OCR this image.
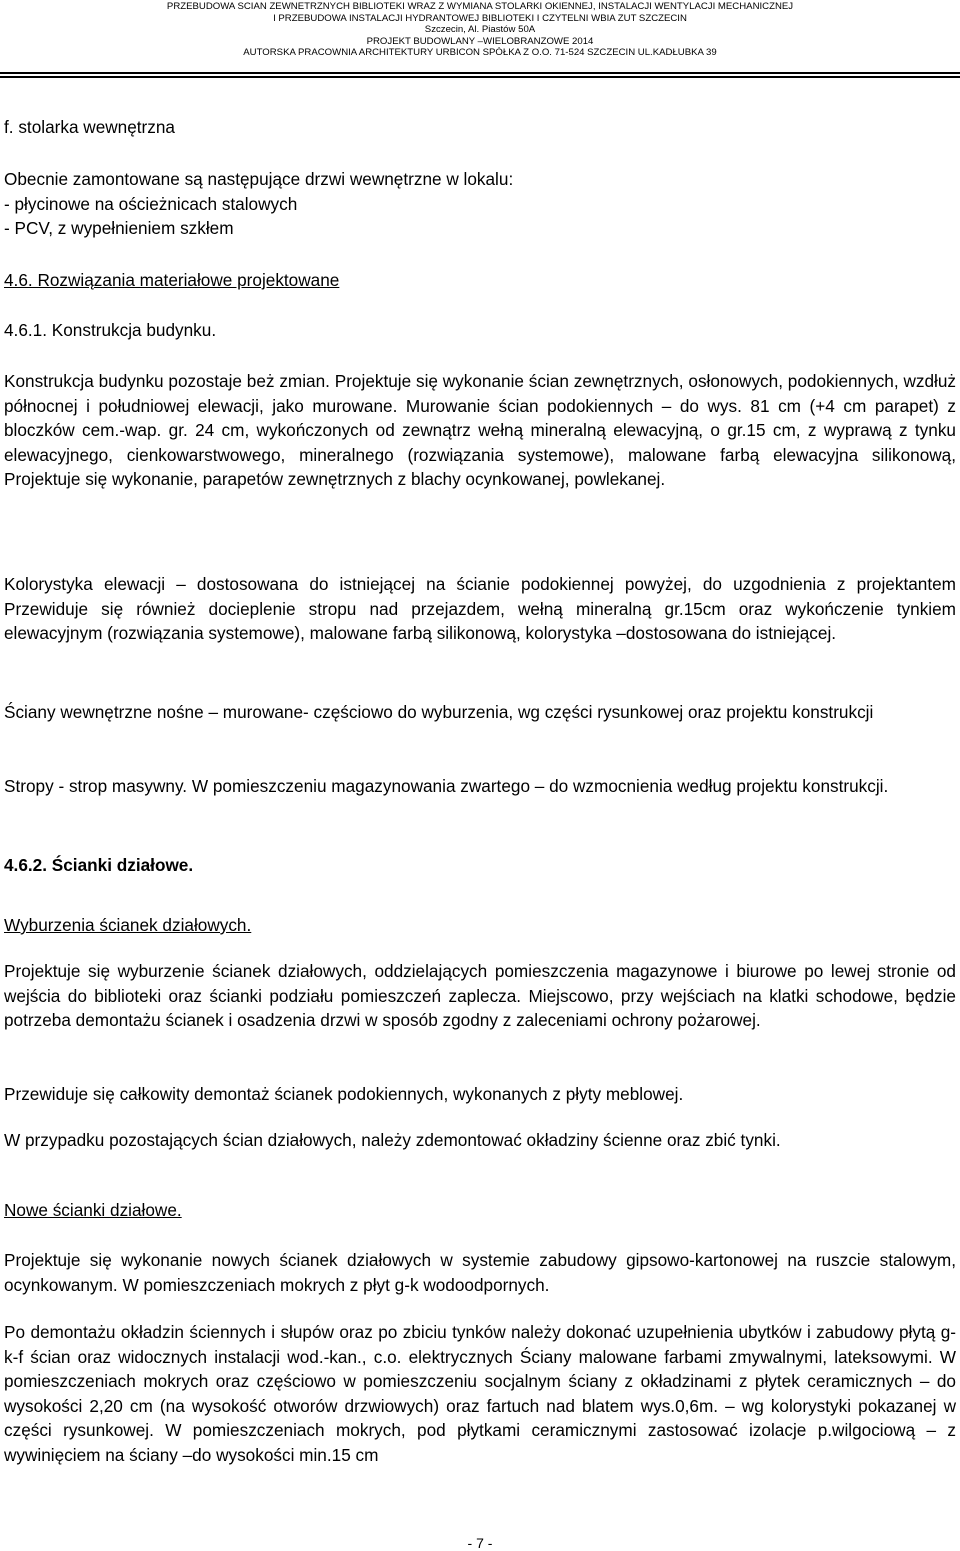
PRZEBUDOWA SCIAN ZEWNETRZNYCH BIBLIOTEKI WRAZ Z WYMIANA STOLARKI OKIENNEJ, INSTALACJI WENTYLACJI MECHANICZNEJ
I PRZEBUDOWA INSTALACJI HYDRANTOWEJ BIBLIOTEKI I CZYTELNI WBIA ZUT SZCZECIN
Szczecin, Al. Piastów 50A
PROJEKT BUDOWLANY –WIELOBRANZOWE 2014
AUTORSKA PRACOWNIA ARCHITEKTURY URBICON SPÓŁKA Z O.O. 71-524 SZCZECIN UL.KADŁUBKA 39
f. stolarka wewnętrzna
Obecnie zamontowane są następujące drzwi wewnętrzne w lokalu:
- płycinowe na ościeżnicach stalowych
- PCV, z wypełnieniem szkłem
4.6. Rozwiązania materiałowe projektowane
4.6.1. Konstrukcja budynku.
Konstrukcja budynku pozostaje beż zmian. Projektuje się wykonanie ścian zewnętrznych, osłonowych, podokiennych, wzdłuż północnej i południowej elewacji, jako murowane. Murowanie ścian podokiennych – do wys. 81 cm (+4 cm parapet) z bloczków cem.-wap. gr. 24 cm, wykończonych od zewnątrz wełną mineralną elewacyjną, o gr.15 cm, z wyprawą z tynku elewacyjnego, cienkowarstwowego, mineralnego (rozwiązania systemowe), malowane farbą elewacyjna silikonową, Projektuje się wykonanie, parapetów zewnętrznych z blachy ocynkowanej, powlekanej.
Kolorystyka elewacji – dostosowana do istniejącej na ścianie podokiennej powyżej, do uzgodnienia z projektantem Przewiduje się również docieplenie stropu nad przejazdem, wełną mineralną gr.15cm oraz wykończenie tynkiem elewacyjnym (rozwiązania systemowe), malowane farbą silikonową, kolorystyka –dostosowana do istniejącej.
Ściany wewnętrzne nośne – murowane- częściowo do wyburzenia, wg części rysunkowej oraz projektu konstrukcji
Stropy - strop masywny. W pomieszczeniu magazynowania zwartego – do wzmocnienia według projektu konstrukcji.
4.6.2. Ścianki działowe.
Wyburzenia ścianek działowych.
Projektuje się wyburzenie ścianek działowych, oddzielających pomieszczenia magazynowe i biurowe po lewej stronie od wejścia do biblioteki oraz ścianki podziału pomieszczeń zaplecza. Miejscowo, przy wejściach na klatki schodowe, będzie potrzeba demontażu ścianek i osadzenia drzwi w sposób zgodny z zaleceniami ochrony pożarowej.
Przewiduje się całkowity demontaż ścianek podokiennych, wykonanych z płyty meblowej.
W przypadku pozostających ścian działowych, należy zdemontować okładziny ścienne oraz zbić tynki.
Nowe ścianki działowe.
Projektuje się wykonanie nowych ścianek działowych w systemie zabudowy gipsowo-kartonowej na ruszcie stalowym, ocynkowanym. W pomieszczeniach mokrych z płyt g-k wodoodpornych.
Po demontażu okładzin ściennych i słupów oraz po zbiciu tynków należy dokonać uzupełnienia ubytków i zabudowy płytą g-k-f ścian oraz widocznych instalacji wod.-kan., c.o. elektrycznych Ściany malowane farbami zmywalnymi, lateksowymi. W pomieszczeniach mokrych oraz częściowo w pomieszczeniu socjalnym ściany z okładzinami z płytek ceramicznych – do wysokości 2,20 cm (na wysokość otworów drzwiowych) oraz fartuch nad blatem wys.0,6m. – wg kolorystyki pokazanej w części rysunkowej. W pomieszczeniach mokrych, pod płytkami ceramicznymi zastosować izolacje p.wilgociową – z wywinięciem na ściany –do wysokości min.15 cm
- 7 -
